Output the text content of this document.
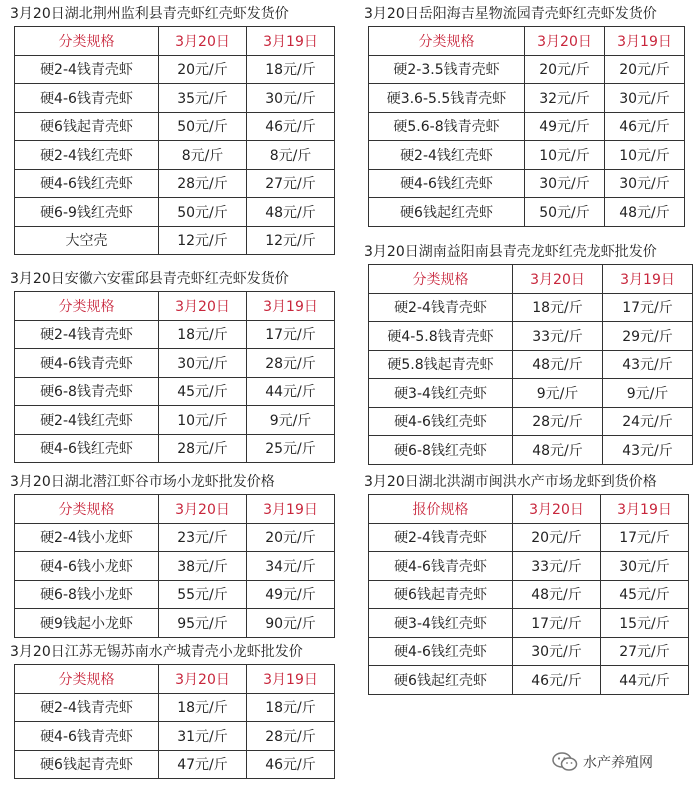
3月20日湖北荆州监利县青壳虾红壳虾发货价
分类规格	3月20日	3月19日
硬2-4钱青壳虾	20元/斤	18元/斤
硬4-6钱青壳虾	35元/斤	30元/斤
硬6钱起青壳虾	50元/斤	46元/斤
硬2-4钱红壳虾	8元/斤	8元/斤
硬4-6钱红壳虾	28元/斤	27元/斤
硬6-9钱红壳虾	50元/斤	48元/斤
大空壳	12元/斤	12元/斤
3月20日安徽六安霍邱县青壳虾红壳虾发货价
分类规格	3月20日	3月19日
硬2-4钱青壳虾	18元/斤	17元/斤
硬4-6钱青壳虾	30元/斤	28元/斤
硬6-8钱青壳虾	45元/斤	44元/斤
硬2-4钱红壳虾	10元/斤	9元/斤
硬4-6钱红壳虾	28元/斤	25元/斤
3月20日湖北潜江虾谷市场小龙虾批发价格
分类规格	3月20日	3月19日
硬2-4钱小龙虾	23元/斤	20元/斤
硬4-6钱小龙虾	38元/斤	34元/斤
硬6-8钱小龙虾	55元/斤	49元/斤
硬9钱起小龙虾	95元/斤	90元/斤
3月20日江苏无锡苏南水产城青壳小龙虾批发价
分类规格	3月20日	3月19日
硬2-4钱青壳虾	18元/斤	18元/斤
硬4-6钱青壳虾	31元/斤	28元/斤
硬6钱起青壳虾	47元/斤	46元/斤
3月20日岳阳海吉星物流园青壳虾红壳虾发货价
分类规格	3月20日	3月19日
硬2-3.5钱青壳虾	20元/斤	20元/斤
硬3.6-5.5钱青壳虾	32元/斤	30元/斤
硬5.6-8钱青壳虾	49元/斤	46元/斤
硬2-4钱红壳虾	10元/斤	10元/斤
硬4-6钱红壳虾	30元/斤	30元/斤
硬6钱起红壳虾	50元/斤	48元/斤
3月20日湖南益阳南县青壳龙虾红壳龙虾批发价
分类规格	3月20日	3月19日
硬2-4钱青壳虾	18元/斤	17元/斤
硬4-5.8钱青壳虾	33元/斤	29元/斤
硬5.8钱起青壳虾	48元/斤	43元/斤
硬3-4钱红壳虾	9元/斤	9元/斤
硬4-6钱红壳虾	28元/斤	24元/斤
硬6-8钱红壳虾	48元/斤	43元/斤
3月20日湖北洪湖市闽洪水产市场龙虾到货价格
报价规格	3月20日	3月19日
硬2-4钱青壳虾	20元/斤	17元/斤
硬4-6钱青壳虾	33元/斤	30元/斤
硬6钱起青壳虾	48元/斤	45元/斤
硬3-4钱红壳虾	17元/斤	15元/斤
硬4-6钱红壳虾	30元/斤	27元/斤
硬6钱起红壳虾	46元/斤	44元/斤
水产养殖网
